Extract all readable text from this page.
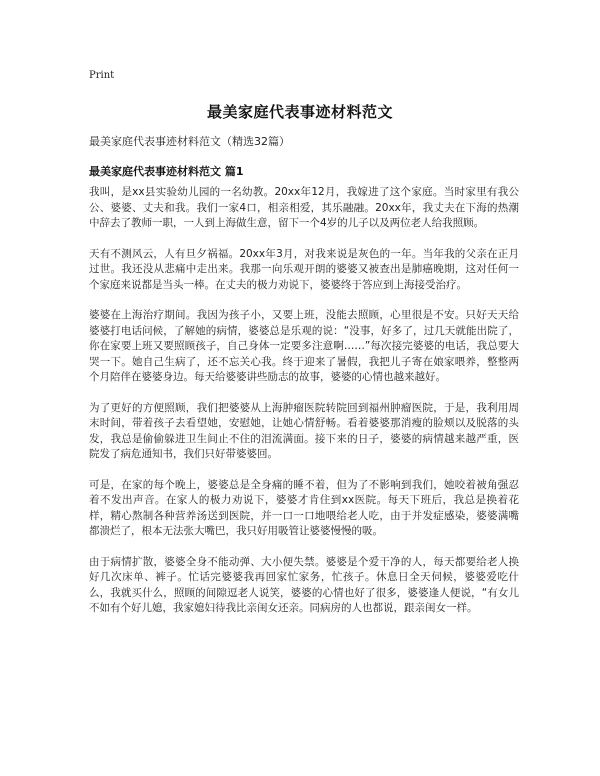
Print
最美家庭代表事迹材料范文
最美家庭代表事迹材料范文（精选32篇）
最美家庭代表事迹材料范文 篇1

我叫，是xx县实验幼儿园的一名幼教。20xx年12月，我嫁进了这个家庭。当时家里有我公公、婆婆、丈夫和我。我们一家4口，相亲相爱，其乐融融。20xx年，我丈夫在下海的热潮中辞去了教师一职，一人到上海做生意，留下一个4岁的儿子以及两位老人给我照顾。

天有不测风云，人有旦夕祸福。20xx年3月，对我来说是灰色的一年。当年我的父亲在正月过世。我还没从悲痛中走出来。我那一向乐观开朗的婆婆又被查出是肺癌晚期，这对任何一个家庭来说都是当头一棒。在丈夫的极力劝说下，婆婆终于答应到上海接受治疗。

婆婆在上海治疗期间。我因为孩子小，又要上班，没能去照顾，心里很是不安。只好天天给婆婆打电话问候，了解她的病情，婆婆总是乐观的说：“没事，好多了，过几天就能出院了，你在家要上班又要照顾孩子，自己身体一定要多注意啊……”每次接完婆婆的电话，我总要大哭一下。她自己生病了，还不忘关心我。终于迎来了暑假，我把儿子寄在娘家喂养，整整两个月陪伴在婆婆身边。每天给婆婆讲些励志的故事，婆婆的心情也越来越好。

为了更好的方便照顾，我们把婆婆从上海肿瘤医院转院回到福州肿瘤医院，于是，我利用周末时间，带着孩子去看望她，安慰她，让她心情舒畅。看着婆婆那消瘦的脸颊以及脱落的头发，我总是偷偷躲进卫生间止不住的泪流满面。接下来的日子，婆婆的病情越来越严重，医院发了病危通知书，我们只好带婆婆回。

可是，在家的每个晚上，婆婆总是全身痛的睡不着，但为了不影响到我们，她咬着被角强忍着不发出声音。在家人的极力劝说下，婆婆才肯住到xx医院。每天下班后，我总是换着花样，精心熬制各种营养汤送到医院，并一口一口地喂给老人吃，由于并发症感染，婆婆满嘴都溃烂了，根本无法张大嘴巴，我只好用吸管让婆婆慢慢的吸。

由于病情扩散，婆婆全身不能动弹、大小便失禁。婆婆是个爱干净的人，每天都要给老人换好几次床单、裤子。忙话完婆婆我再回家忙家务，忙孩子。休息日全天伺候，婆婆爱吃什么，我就买什么，照顾的间隙逗老人说笑，婆婆的心情也好了很多，婆婆逢人便说，“有女儿不如有个好儿媳，我家媳妇待我比亲闺女还亲。同病房的人也都说，跟亲闺女一样。
